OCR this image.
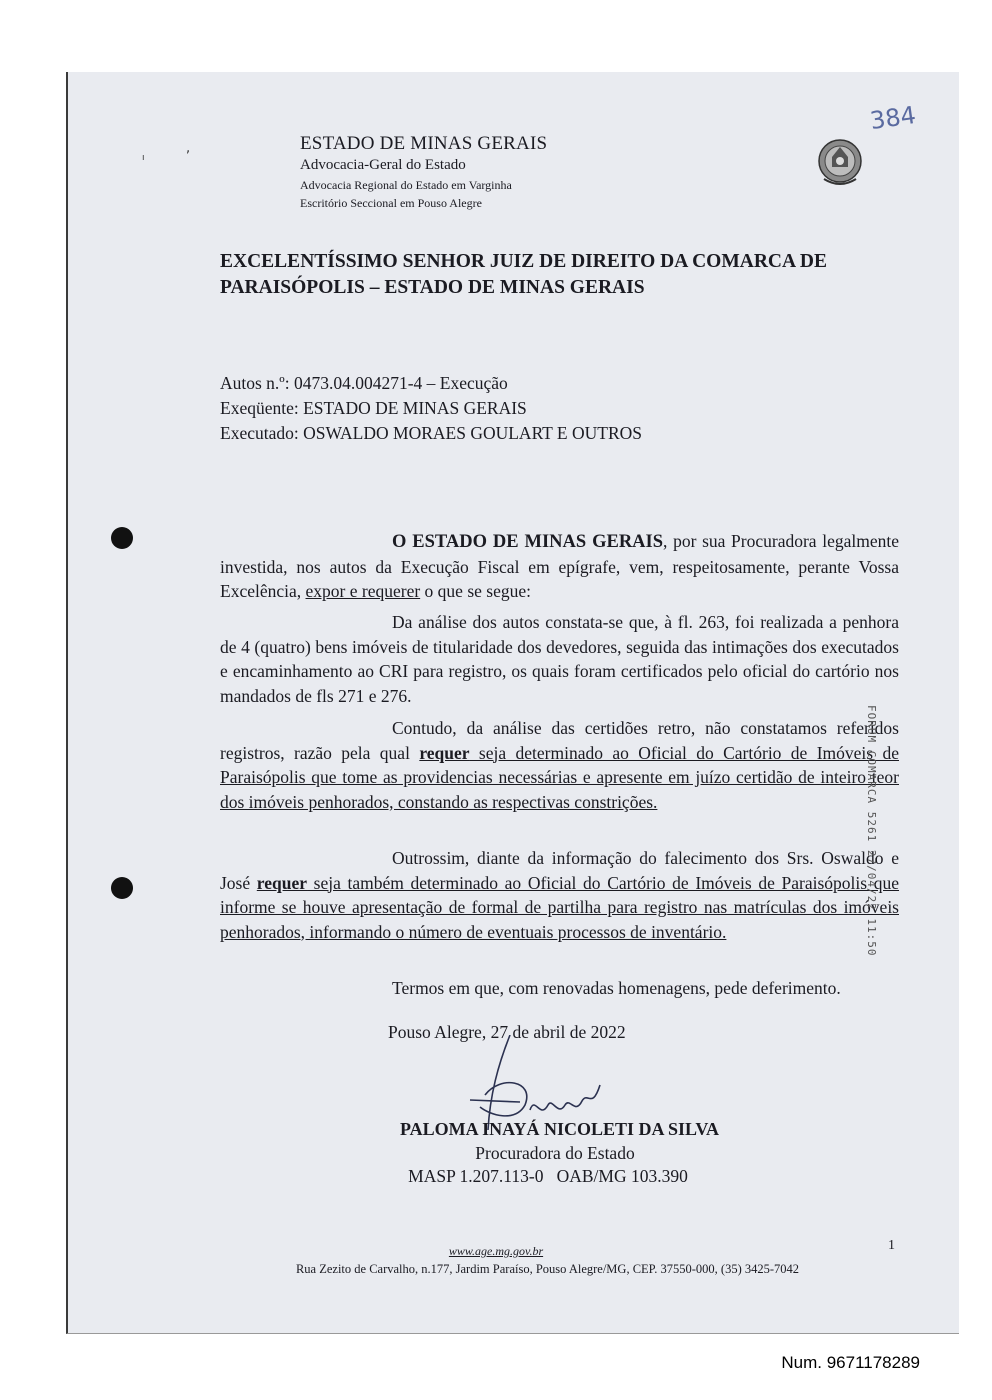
,
ı
ESTADO DE MINAS GERAIS
Advocacia-Geral do Estado
Advocacia Regional do Estado em Varginha
Escritório Seccional em Pouso Alegre
384
EXCELENTÍSSIMO SENHOR JUIZ DE DIREITO DA COMARCA DE PARAISÓPOLIS – ESTADO DE MINAS GERAIS
Autos n.º: 0473.04.004271-4 – Execução
Exeqüente: ESTADO DE MINAS GERAIS
Executado: OSWALDO MORAES GOULART E OUTROS
O ESTADO DE MINAS GERAIS, por sua Procuradora legalmente investida, nos autos da Execução Fiscal em epígrafe, vem, respeitosamente, perante Vossa Excelência, expor e requerer o que se segue:
Da análise dos autos constata-se que, à fl. 263, foi realizada a penhora de 4 (quatro) bens imóveis de titularidade dos devedores, seguida das intimações dos executados e encaminhamento ao CRI para registro, os quais foram certificados pelo oficial do cartório nos mandados de fls 271 e 276.
Contudo, da análise das certidões retro, não constatamos referidos registros, razão pela qual requer seja determinado ao Oficial do Cartório de Imóveis de Paraisópolis que tome as providencias necessárias e apresente em juízo certidão de inteiro teor dos imóveis penhorados, constando as respectivas constrições.
Outrossim, diante da informação do falecimento dos Srs. Oswaldo e José requer seja também determinado ao Oficial do Cartório de Imóveis de Paraisópolis que informe se houve apresentação de formal de partilha para registro nas matrículas dos imóveis penhorados, informando o número de eventuais processos de inventário.
Termos em que, com renovadas homenagens, pede deferimento.
Pouso Alegre, 27 de abril de 2022
PALOMA INAYÁ NICOLETI DA SILVA
Procuradora do Estado
MASP 1.207.113-0   OAB/MG 103.390
FORUM COMARCA 5261 27/04/22 11:50
www.age.mg.gov.br
Rua Zezito de Carvalho, n.177, Jardim Paraíso, Pouso Alegre/MG, CEP. 37550-000, (35) 3425-7042
1
Num. 9671178289
